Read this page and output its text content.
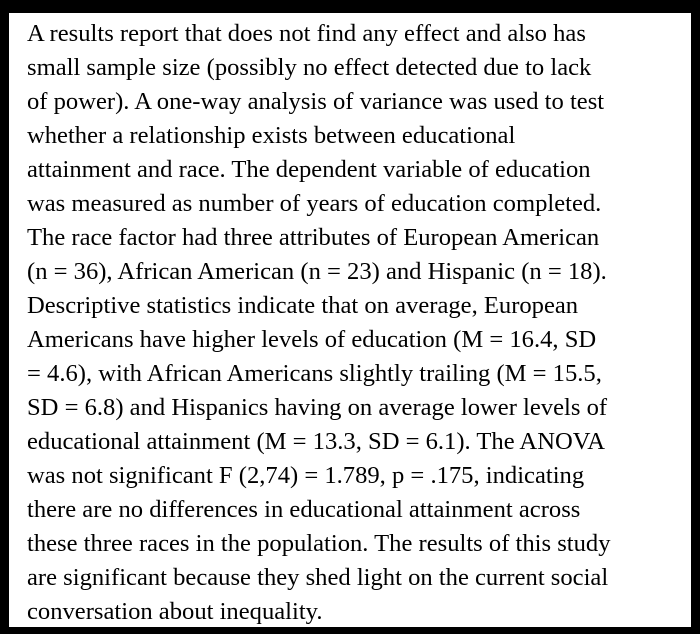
A results report that does not find any effect and also has
small sample size (possibly no effect detected due to lack
of power). A one-way analysis of variance was used to test
whether a relationship exists between educational
attainment and race. The dependent variable of education
was measured as number of years of education completed.
The race factor had three attributes of European American
(n = 36), African American (n = 23) and Hispanic (n = 18).
Descriptive statistics indicate that on average, European
Americans have higher levels of education (M = 16.4, SD
= 4.6), with African Americans slightly trailing (M = 15.5,
SD = 6.8) and Hispanics having on average lower levels of
educational attainment (M = 13.3, SD = 6.1). The ANOVA
was not significant F (2,74) = 1.789, p = .175, indicating
there are no differences in educational attainment across
these three races in the population. The results of this study
are significant because they shed light on the current social
conversation about inequality.
